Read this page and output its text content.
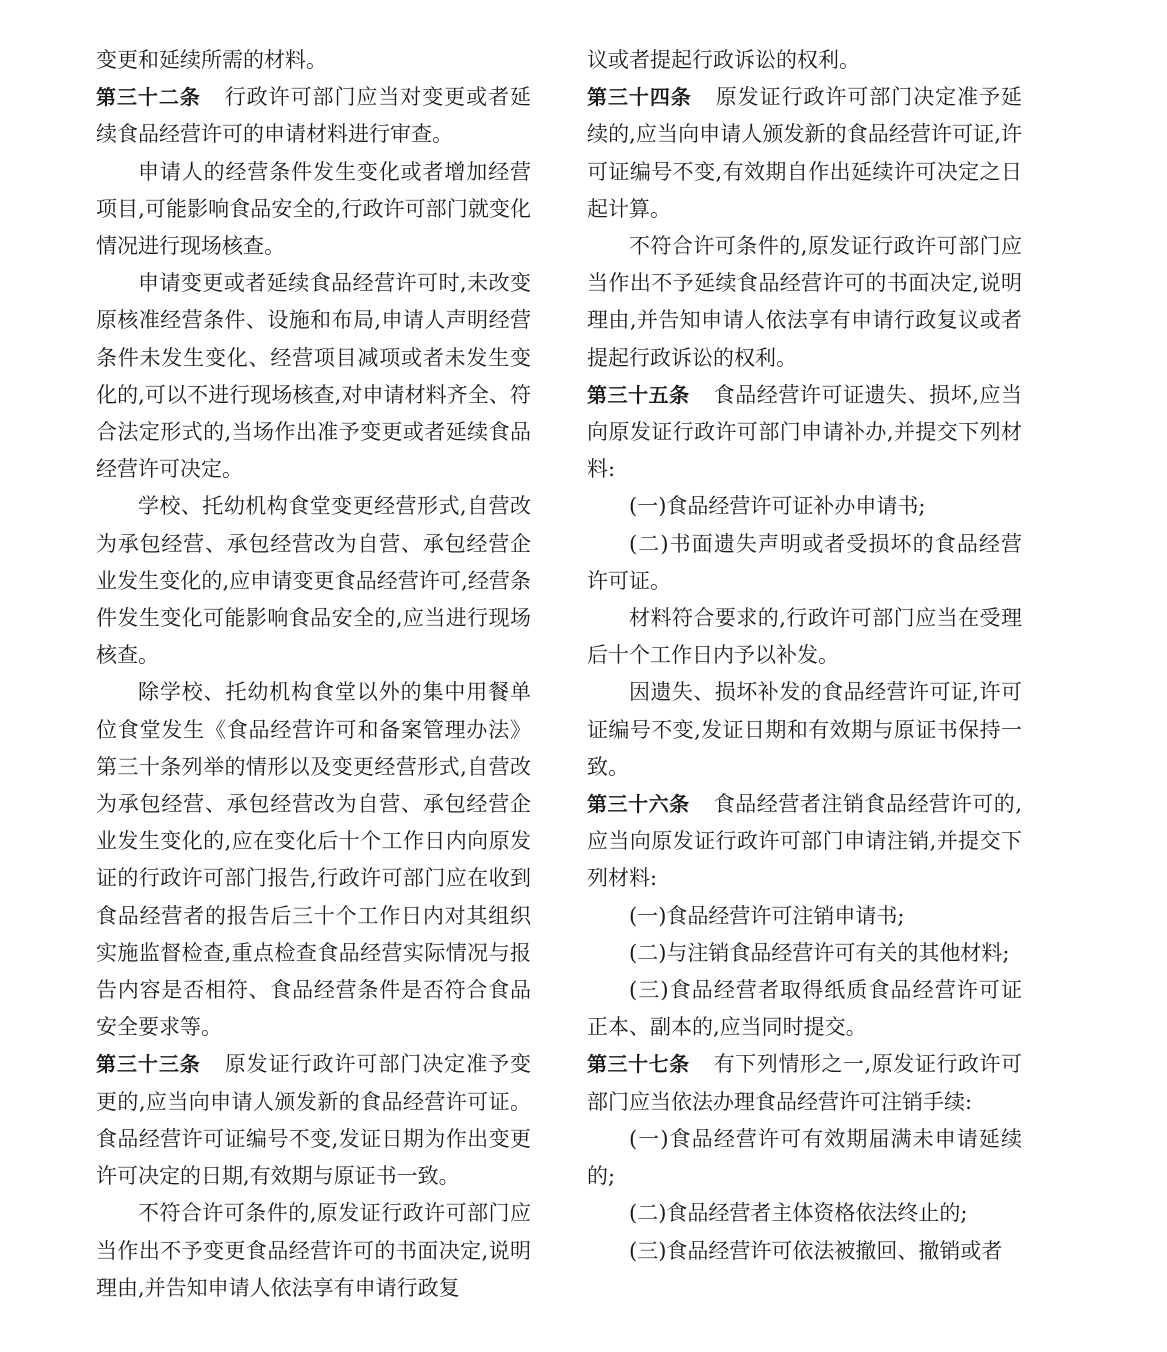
变更和延续所需的材料。

第三十二条 行政许可部门应当对变更或者延续食品经营许可的申请材料进行审查。

申请人的经营条件发生变化或者增加经营项目,可能影响食品安全的,行政许可部门就变化情况进行现场核查。

申请变更或者延续食品经营许可时,未改变原核准经营条件、设施和布局,申请人声明经营条件未发生变化、经营项目减项或者未发生变化的,可以不进行现场核查,对申请材料齐全、符合法定形式的,当场作出准予变更或者延续食品经营许可决定。

学校、托幼机构食堂变更经营形式,自营改为承包经营、承包经营改为自营、承包经营企业发生变化的,应申请变更食品经营许可,经营条件发生变化可能影响食品安全的,应当进行现场核查。

除学校、托幼机构食堂以外的集中用餐单位食堂发生《食品经营许可和备案管理办法》第三十条列举的情形以及变更经营形式,自营改为承包经营、承包经营改为自营、承包经营企业发生变化的,应在变化后十个工作日内向原发证的行政许可部门报告,行政许可部门应在收到食品经营者的报告后三十个工作日内对其组织实施监督检查,重点检查食品经营实际情况与报告内容是否相符、食品经营条件是否符合食品安全要求等。

第三十三条 原发证行政许可部门决定准予变更的,应当向申请人颁发新的食品经营许可证。食品经营许可证编号不变,发证日期为作出变更许可决定的日期,有效期与原证书一致。

不符合许可条件的,原发证行政许可部门应当作出不予变更食品经营许可的书面决定,说明理由,并告知申请人依法享有申请行政复

议或者提起行政诉讼的权利。

第三十四条 原发证行政许可部门决定准予延续的,应当向申请人颁发新的食品经营许可证,许可证编号不变,有效期自作出延续许可决定之日起计算。

不符合许可条件的,原发证行政许可部门应当作出不予延续食品经营许可的书面决定,说明理由,并告知申请人依法享有申请行政复议或者提起行政诉讼的权利。

第三十五条 食品经营许可证遗失、损坏,应当向原发证行政许可部门申请补办,并提交下列材料:

(一)食品经营许可证补办申请书;

(二)书面遗失声明或者受损坏的食品经营许可证。

材料符合要求的,行政许可部门应当在受理后十个工作日内予以补发。

因遗失、损坏补发的食品经营许可证,许可证编号不变,发证日期和有效期与原证书保持一致。

第三十六条 食品经营者注销食品经营许可的,应当向原发证行政许可部门申请注销,并提交下列材料:

(一)食品经营许可注销申请书;

(二)与注销食品经营许可有关的其他材料;

(三)食品经营者取得纸质食品经营许可证正本、副本的,应当同时提交。

第三十七条 有下列情形之一,原发证行政许可部门应当依法办理食品经营许可注销手续:

(一)食品经营许可有效期届满未申请延续的;

(二)食品经营者主体资格依法终止的;

(三)食品经营许可依法被撤回、撤销或者
